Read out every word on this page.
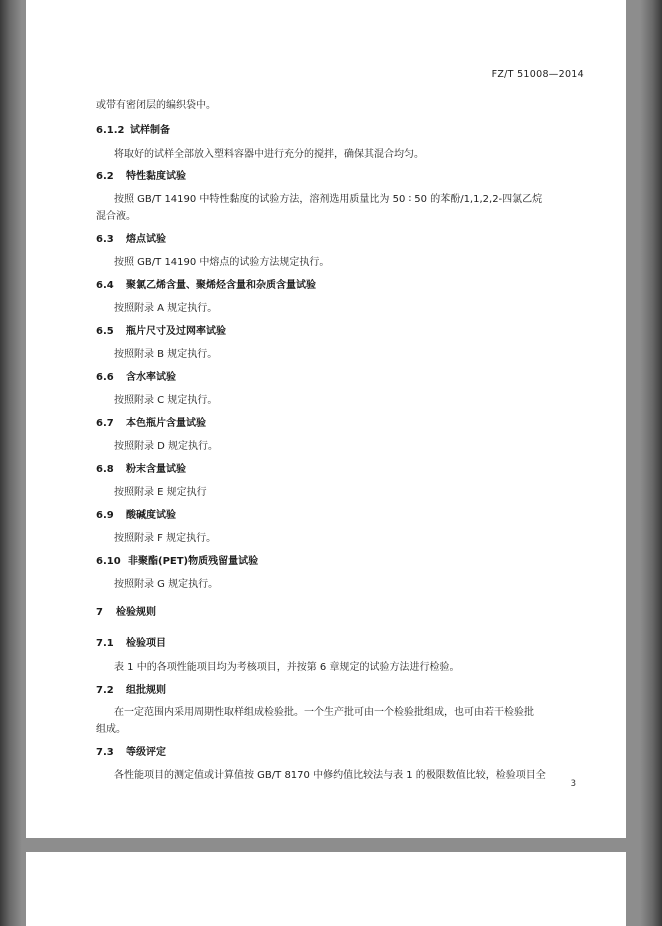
FZ/T 51008—2014
或带有密闭层的编织袋中。
6.1.2 试样制备
将取好的试样全部放入塑料容器中进行充分的搅拌，确保其混合均匀。
6.2 特性黏度试验
按照 GB/T 14190 中特性黏度的试验方法，溶剂选用质量比为 50 ∶ 50 的苯酚/1,1,2,2-四氯乙烷
混合液。
6.3 熔点试验
按照 GB/T 14190 中熔点的试验方法规定执行。
6.4 聚氯乙烯含量、聚烯烃含量和杂质含量试验
按照附录 A 规定执行。
6.5 瓶片尺寸及过网率试验
按照附录 B 规定执行。
6.6 含水率试验
按照附录 C 规定执行。
6.7 本色瓶片含量试验
按照附录 D 规定执行。
6.8 粉末含量试验
按照附录 E 规定执行
6.9 酸碱度试验
按照附录 F 规定执行。
6.10 非聚酯(PET)物质残留量试验
按照附录 G 规定执行。
7 检验规则
7.1 检验项目
表 1 中的各项性能项目均为考核项目，并按第 6 章规定的试验方法进行检验。
7.2 组批规则
在一定范围内采用周期性取样组成检验批。一个生产批可由一个检验批组成，也可由若干检验批
组成。
7.3 等级评定
各性能项目的测定值或计算值按 GB/T 8170 中修约值比较法与表 1 的极限数值比较，检验项目全
3
